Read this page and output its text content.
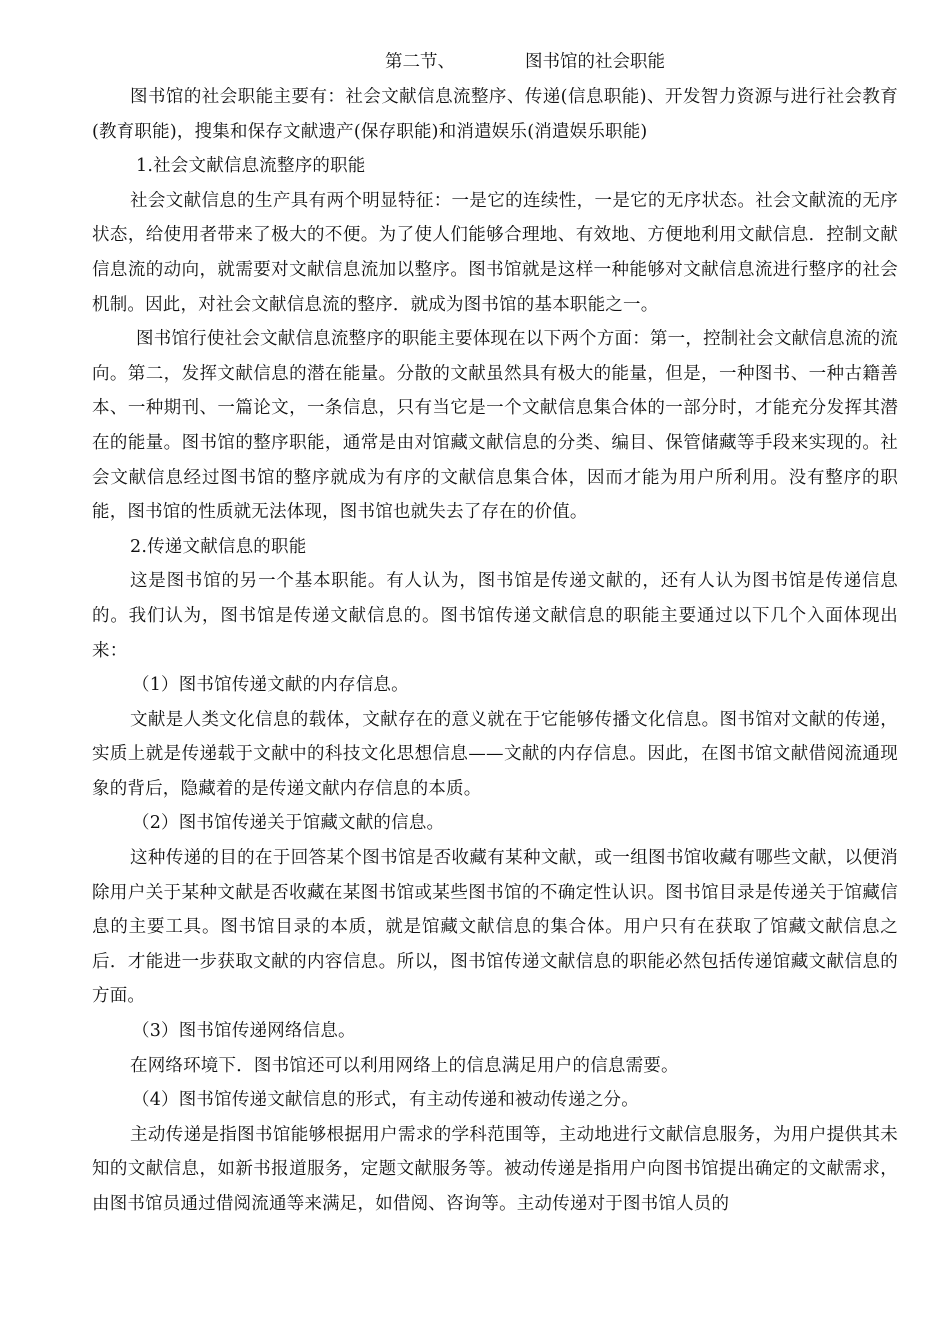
第二节、	图书馆的社会职能

图书馆的社会职能主要有：社会文献信息流整序、传递(信息职能)、开发智力资源与进行社会教育(教育职能)，搜集和保存文献遗产(保存职能)和消遣娱乐(消遣娱乐职能)

1.社会文献信息流整序的职能

社会文献信息的生产具有两个明显特征：一是它的连续性，一是它的无序状态。社会文献流的无序状态，给使用者带来了极大的不便。为了使人们能够合理地、有效地、方便地利用文献信息．控制文献信息流的动向，就需要对文献信息流加以整序。图书馆就是这样一种能够对文献信息流进行整序的社会机制。因此，对社会文献信息流的整序．就成为图书馆的基本职能之一。

图书馆行使社会文献信息流整序的职能主要体现在以下两个方面：第一，控制社会文献信息流的流向。第二，发挥文献信息的潜在能量。分散的文献虽然具有极大的能量，但是，一种图书、一种古籍善本、一种期刊、一篇论文，一条信息，只有当它是一个文献信息集合体的一部分时，才能充分发挥其潜在的能量。图书馆的整序职能，通常是由对馆藏文献信息的分类、编目、保管储藏等手段来实现的。社会文献信息经过图书馆的整序就成为有序的文献信息集合体，因而才能为用户所利用。没有整序的职能，图书馆的性质就无法体现，图书馆也就失去了存在的价值。

2.传递文献信息的职能

这是图书馆的另一个基本职能。有人认为，图书馆是传递文献的，还有人认为图书馆是传递信息的。我们认为，图书馆是传递文献信息的。图书馆传递文献信息的职能主要通过以下几个入面体现出来：

（1）图书馆传递文献的内存信息。

文献是人类文化信息的载体，文献存在的意义就在于它能够传播文化信息。图书馆对文献的传递，实质上就是传递载于文献中的科技文化思想信息——文献的内存信息。因此，在图书馆文献借阅流通现象的背后，隐藏着的是传递文献内存信息的本质。

（2）图书馆传递关于馆藏文献的信息。

这种传递的目的在于回答某个图书馆是否收藏有某种文献，或一组图书馆收藏有哪些文献，以便消除用户关于某种文献是否收藏在某图书馆或某些图书馆的不确定性认识。图书馆目录是传递关于馆藏信息的主要工具。图书馆目录的本质，就是馆藏文献信息的集合体。用户只有在获取了馆藏文献信息之后．才能进一步获取文献的内容信息。所以，图书馆传递文献信息的职能必然包括传递馆藏文献信息的方面。

（3）图书馆传递网络信息。

在网络环境下．图书馆还可以利用网络上的信息满足用户的信息需要。

（4）图书馆传递文献信息的形式，有主动传递和被动传递之分。

主动传递是指图书馆能够根据用户需求的学科范围等，主动地进行文献信息服务，为用户提供其未知的文献信息，如新书报道服务，定题文献服务等。被动传递是指用户向图书馆提出确定的文献需求，由图书馆员通过借阅流通等来满足，如借阅、咨询等。主动传递对于图书馆人员的
